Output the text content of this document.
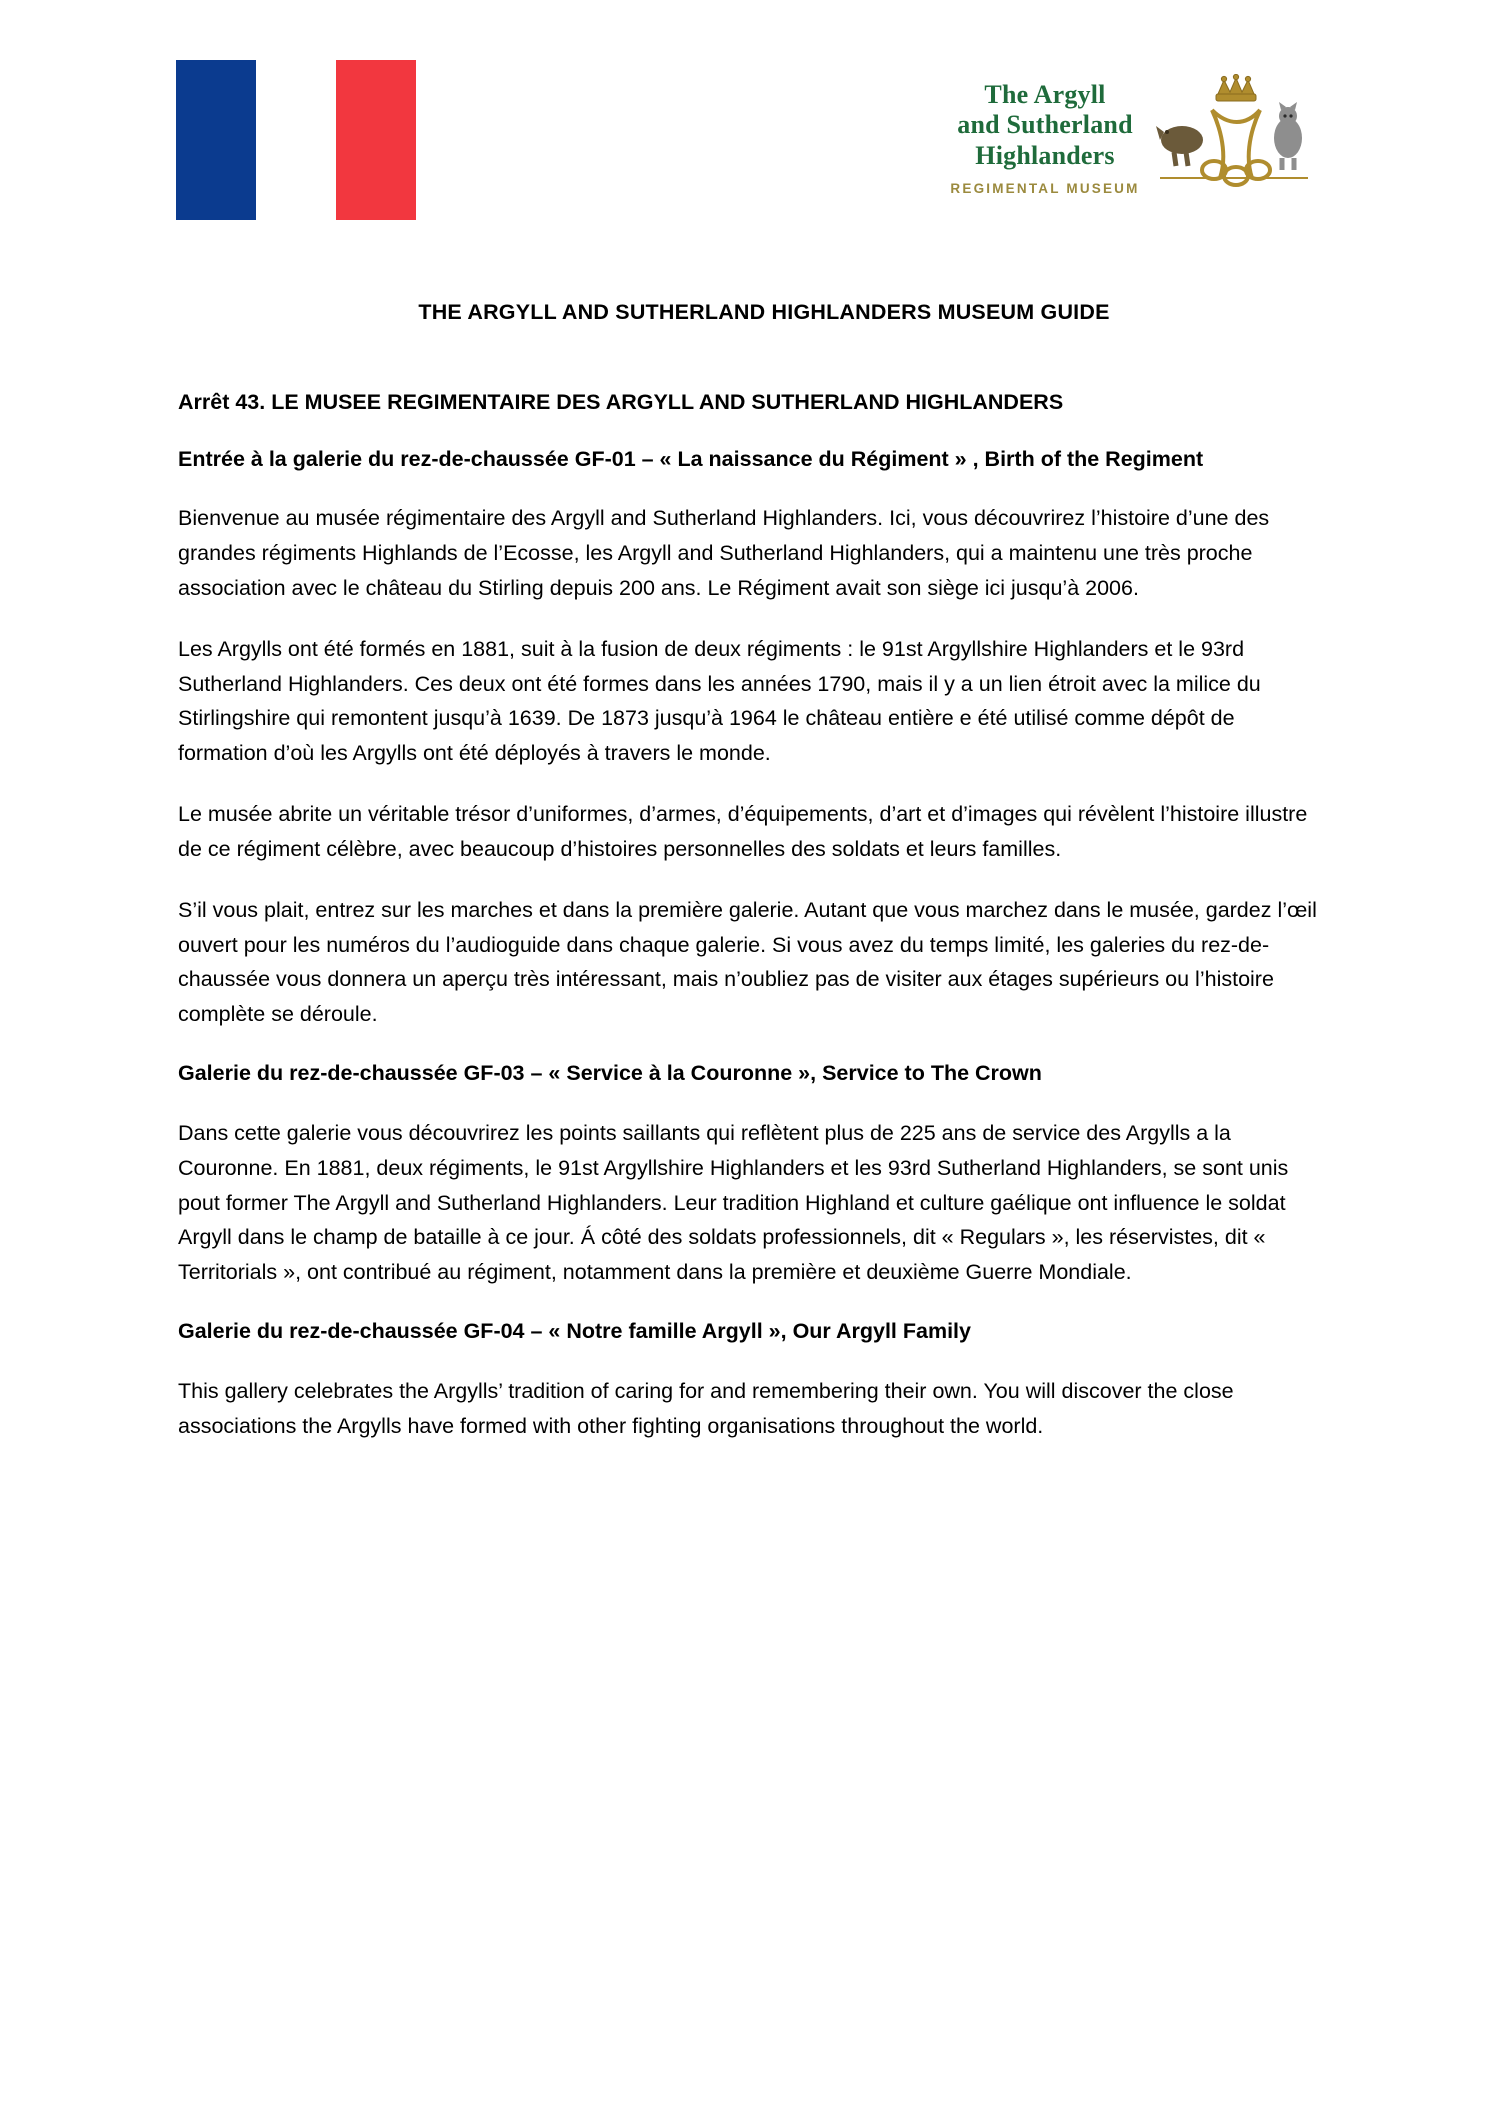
The Argyll
and Sutherland
Highlanders
REGIMENTAL MUSEUM
THE ARGYLL AND SUTHERLAND HIGHLANDERS MUSEUM GUIDE
Arrêt 43. LE MUSEE REGIMENTAIRE DES ARGYLL AND SUTHERLAND HIGHLANDERS
Entrée à la galerie du rez-de-chaussée GF-01 – « La naissance du Régiment » , Birth of the Regiment

Bienvenue au musée régimentaire des Argyll and Sutherland Highlanders. Ici, vous découvrirez l’histoire d’une des grandes régiments Highlands de l’Ecosse, les Argyll and Sutherland Highlanders, qui a maintenu une très proche association avec le château du Stirling depuis 200 ans. Le Régiment avait son siège ici jusqu’à 2006.

Les Argylls ont été formés en 1881, suit à la fusion de deux régiments : le 91st Argyllshire Highlanders et le 93rd Sutherland Highlanders. Ces deux ont été formes dans les années 1790, mais il y a un lien étroit avec la milice du Stirlingshire qui remontent jusqu’à 1639. De 1873 jusqu’à 1964 le château entière e été utilisé comme dépôt de formation d’où les Argylls ont été déployés à travers le monde.

Le musée abrite un véritable trésor d’uniformes, d’armes, d’équipements, d’art et d’images qui révèlent l’histoire illustre de ce régiment célèbre, avec beaucoup d’histoires personnelles des soldats et leurs familles.

S’il vous plait, entrez sur les marches et dans la première galerie. Autant que vous marchez dans le musée, gardez l’œil ouvert pour les numéros du l’audioguide dans chaque galerie. Si vous avez du temps limité, les galeries du rez-de-chaussée vous donnera un aperçu très intéressant, mais n’oubliez pas de visiter aux étages supérieurs ou l’histoire complète se déroule.

Galerie du rez-de-chaussée GF-03 – « Service à la Couronne », Service to The Crown

Dans cette galerie vous découvrirez les points saillants qui reflètent plus de 225 ans de service des Argylls a la Couronne. En 1881, deux régiments, le 91st Argyllshire Highlanders et les 93rd Sutherland Highlanders, se sont unis pout former The Argyll and Sutherland Highlanders. Leur tradition Highland et culture gaélique ont influence le soldat Argyll dans le champ de bataille à ce jour. Á côté des soldats professionnels, dit « Regulars », les réservistes, dit « Territorials », ont contribué au régiment, notamment dans la première et deuxième Guerre Mondiale.

Galerie du rez-de-chaussée GF-04 – « Notre famille Argyll », Our Argyll Family

This gallery celebrates the Argylls’ tradition of caring for and remembering their own. You will discover the close associations the Argylls have formed with other fighting organisations throughout the world.
